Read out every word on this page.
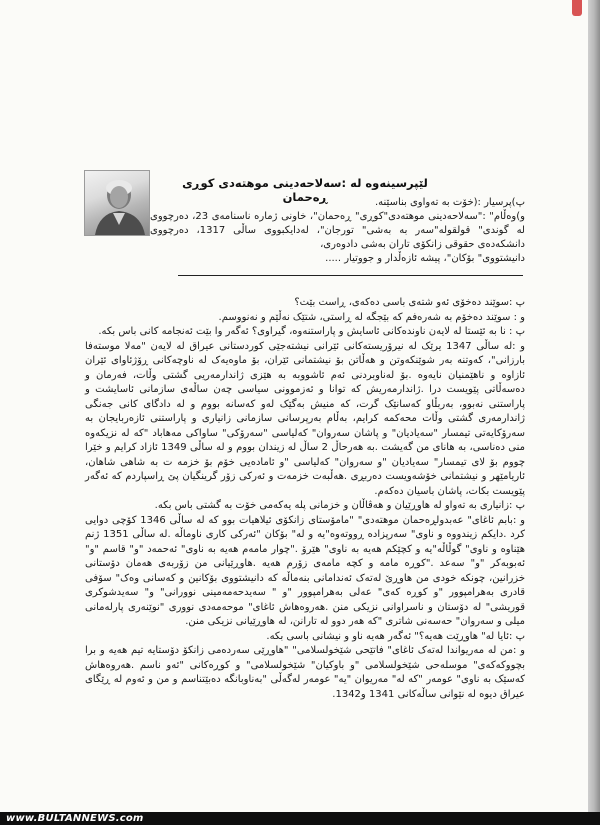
لێپرسینەوە لە :سەلاحەدینی موهتەدی کوڕی ڕەحمان	پ)پرسیار :(خۆت بە تەواوی بناسێنە.

و)وەڵام" :"سەلاحەدینی موهتەدی"کوڕی" ڕەحمان"، خاونی ژمارە ناسنامەی 23، دەرچووی لە گوندی" قولقولە"سەر بە بەشی" تورجان"، لەدایکبووی ساڵی 1317، دەرچووی دانشکەدەی حقوقی زانکۆی تاران بەشی دادوەری،

دانیشتووی" بۆکان"، پیشە ئازەڵدار و جووتیار .....

پ :سوێند دەخۆی ئەو شتەی باسی دەکەی، ڕاست بێت؟

و : سوێند دەخۆم بە شەرەفم کە بێجگە لە ڕاستی، شتێک نەڵێم و نەنووسم.

پ : نا بە ئێستا لە لایەن ناوندەکانی ئاسایش و پاراستنەوە، گیراوی؟ ئەگەر وا بێت ئەنجامە کانی باس بکە.

و :لە ساڵی 1347 یرێک لە نیرۆریستەکانی ئێرانی نیشتەجێی کوردستانی عیراق لە لایەن "مەلا موستەفا بارزانی"، کەوتنە بەر شوێنکەوتن و هەڵاتن بۆ نیشتمانی ئێران، بۆ ماوەیەک لە ناوچەکانی ڕۆژئاوای ئێران ئازاوە و ناهێمنیان نایەوە .بۆ لەناوبردنی ئەم ئاشووبە بە هێزی ژاندارمەریی گشتی وڵات، فەرمان و دەسەڵاتی پێویست درا .ژاندارمەریش کە توانا و ئەزموونی سیاسی چەن ساڵەی سازمانی ئاسایشت و پاراستنی نەبوو، بەربڵاو کەسانێک گرت، کە منیش بەگێک لەو کەسانە بووم و لە دادگای کانی جەنگی ژاندارمەری گشتی وڵات محەکمە کرایم، بەڵام بەرپرسانی سازمانی زانیاری و پاراستنی ئازەربایجان بە سەرۆکایەتی تیمسار "سەیادیان" و پاشان سەروان" کەلیاسی "سەرۆکی" ساواکی مەهاباد "کە لە نزیکەوە منی دەناسی، بە هانای من گەیشت .بە هەرحاڵ 2 ساڵ لە زیندان بووم و لە ساڵی 1349 ئازاد کرایم و خێرا چووم بۆ لای تیمسار" سەیادیان "و سەروان" کەلیاسی "و ئامادەیی خۆم بۆ خزمە ت بە شاهی شاهان، ئاریامێهر و نیشتمانی خۆشەویست دەربڕی .هەڵبەت خزمەت و ئەرکی زۆر گرینگیان پێ ڕاسپاردم کە ئەگەر پێویست بکات، پاشان باسیان دەکەم.

پ :زانیاری بە تەواو لە هاوڕێیان و هەڤاڵان و خزمانی پلە یەکەمی خۆت بە گشتی باس بکە.

و :بابم ئاغای" عەبدولڕەحمان موهتەدی" "مامۆستای زانکۆی ئیلاهیات بوو کە لە ساڵی 1346 کۆچی دوایی کرد .دایکم زیندووە و ناوی" سەرپزادە ڕووتەوە"یە و لە" بۆکان "ئەرکی کاری ناوماڵە .لە ساڵی 1351 ژنم هێناوە و ناوی" گوڵاڵە"یە و کچێکم هەیە بە ناوی" هێرۆ ."چوار مامەم هەیە بە ناوی" ئەحمەد "و" قاسم "و" ئەبوبەکر "و" سەعد ."کوڕە مامە و کچە مامەی زۆرم هەیە .هاوڕێیانی من زۆربەی هەمان دۆستانی خزرانین، چونکە خودی من هاوڕێ لەتەک ئەندامانی بنەماڵە کە دانیشتووی بۆکانین و کەسانی وەک" سۆفی قادری بەهرامپوور "و کوڕە کەی" عەلی بەهرامپوور "و " سەیدحەمەمینی نوورانی" و" سەیدشوکری قوریشی" لە دۆستان و ناسراوانی نزیکی منن .هەروەهاش ئاغای" موحەمەدی نووری "نوێنەری پارلەمانی میلی و سەروان" حەسەنی شاتری "کە هەر دوو لە تارانن، لە هاوڕێیانی نزیکی منن.

پ :ئایا لە" هاوڕێت هەیە؟" ئەگەر هەیە ناو و نیشانی باسی بکە.

و :من لە مەریواندا لەتەک ئاغای" فاتێحی شێخولسلامی" "هاوڕێی سەردەمی زانکۆ دۆستایە تیم هەیە و برا بچووکەکەی" موسلەحی شێخولسلامی "و باوکیان" شێخولسلامی" و کوڕەکانی "ئەو ناسم .هەروەهاش کەسێک بە ناوی" عومەر "کە لە" مەریوان "یە" عومەر لەگەڵی "بەناوبانگە دەبێتناسم و من و ئەوم لە ڕێگای عیراق دیوە لە نێوانی ساڵەکانی 1341 و1342.

www.BULTANNEWS.com
